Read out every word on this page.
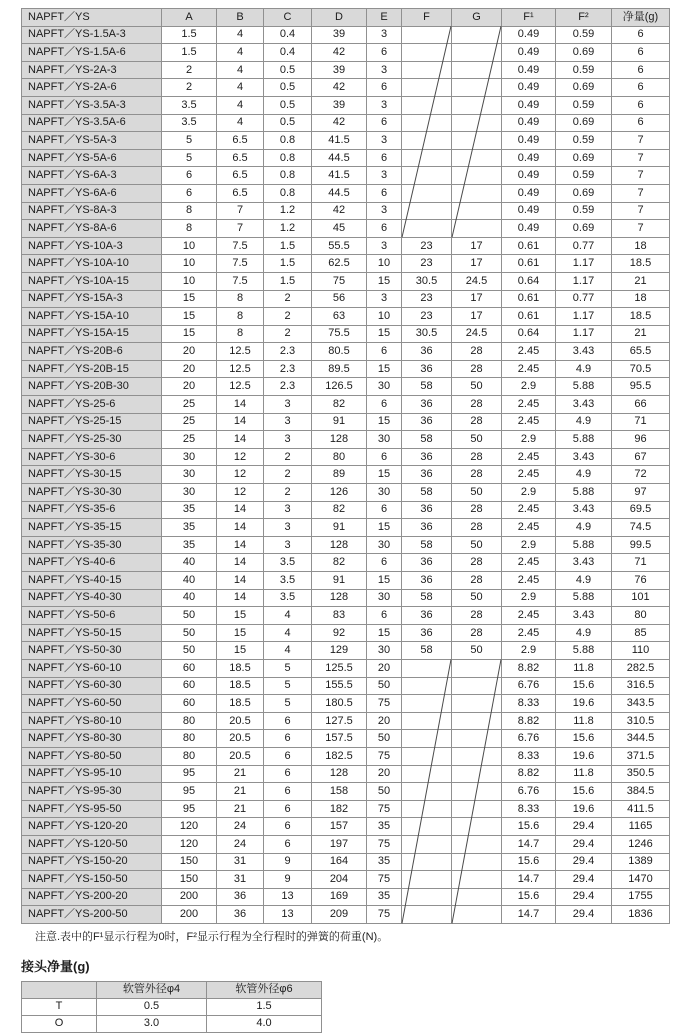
NAPFT／YS	A	B	C	D	E	F	G	F¹	F²	净量(g)
NAPFT／YS-1.5A-3	1.5	4	0.4	39	3			0.49	0.59	6
NAPFT／YS-1.5A-6	1.5	4	0.4	42	6			0.49	0.69	6
NAPFT／YS-2A-3	2	4	0.5	39	3			0.49	0.59	6
NAPFT／YS-2A-6	2	4	0.5	42	6			0.49	0.69	6
NAPFT／YS-3.5A-3	3.5	4	0.5	39	3			0.49	0.59	6
NAPFT／YS-3.5A-6	3.5	4	0.5	42	6			0.49	0.69	6
NAPFT／YS-5A-3	5	6.5	0.8	41.5	3			0.49	0.59	7
NAPFT／YS-5A-6	5	6.5	0.8	44.5	6			0.49	0.69	7
NAPFT／YS-6A-3	6	6.5	0.8	41.5	3			0.49	0.59	7
NAPFT／YS-6A-6	6	6.5	0.8	44.5	6			0.49	0.69	7
NAPFT／YS-8A-3	8	7	1.2	42	3			0.49	0.59	7
NAPFT／YS-8A-6	8	7	1.2	45	6			0.49	0.69	7
NAPFT／YS-10A-3	10	7.5	1.5	55.5	3	23	17	0.61	0.77	18
NAPFT／YS-10A-10	10	7.5	1.5	62.5	10	23	17	0.61	1.17	18.5
NAPFT／YS-10A-15	10	7.5	1.5	75	15	30.5	24.5	0.64	1.17	21
NAPFT／YS-15A-3	15	8	2	56	3	23	17	0.61	0.77	18
NAPFT／YS-15A-10	15	8	2	63	10	23	17	0.61	1.17	18.5
NAPFT／YS-15A-15	15	8	2	75.5	15	30.5	24.5	0.64	1.17	21
NAPFT／YS-20B-6	20	12.5	2.3	80.5	6	36	28	2.45	3.43	65.5
NAPFT／YS-20B-15	20	12.5	2.3	89.5	15	36	28	2.45	4.9	70.5
NAPFT／YS-20B-30	20	12.5	2.3	126.5	30	58	50	2.9	5.88	95.5
NAPFT／YS-25-6	25	14	3	82	6	36	28	2.45	3.43	66
NAPFT／YS-25-15	25	14	3	91	15	36	28	2.45	4.9	71
NAPFT／YS-25-30	25	14	3	128	30	58	50	2.9	5.88	96
NAPFT／YS-30-6	30	12	2	80	6	36	28	2.45	3.43	67
NAPFT／YS-30-15	30	12	2	89	15	36	28	2.45	4.9	72
NAPFT／YS-30-30	30	12	2	126	30	58	50	2.9	5.88	97
NAPFT／YS-35-6	35	14	3	82	6	36	28	2.45	3.43	69.5
NAPFT／YS-35-15	35	14	3	91	15	36	28	2.45	4.9	74.5
NAPFT／YS-35-30	35	14	3	128	30	58	50	2.9	5.88	99.5
NAPFT／YS-40-6	40	14	3.5	82	6	36	28	2.45	3.43	71
NAPFT／YS-40-15	40	14	3.5	91	15	36	28	2.45	4.9	76
NAPFT／YS-40-30	40	14	3.5	128	30	58	50	2.9	5.88	101
NAPFT／YS-50-6	50	15	4	83	6	36	28	2.45	3.43	80
NAPFT／YS-50-15	50	15	4	92	15	36	28	2.45	4.9	85
NAPFT／YS-50-30	50	15	4	129	30	58	50	2.9	5.88	110
NAPFT／YS-60-10	60	18.5	5	125.5	20			8.82	11.8	282.5
NAPFT／YS-60-30	60	18.5	5	155.5	50			6.76	15.6	316.5
NAPFT／YS-60-50	60	18.5	5	180.5	75			8.33	19.6	343.5
NAPFT／YS-80-10	80	20.5	6	127.5	20			8.82	11.8	310.5
NAPFT／YS-80-30	80	20.5	6	157.5	50			6.76	15.6	344.5
NAPFT／YS-80-50	80	20.5	6	182.5	75			8.33	19.6	371.5
NAPFT／YS-95-10	95	21	6	128	20			8.82	11.8	350.5
NAPFT／YS-95-30	95	21	6	158	50			6.76	15.6	384.5
NAPFT／YS-95-50	95	21	6	182	75			8.33	19.6	411.5
NAPFT／YS-120-20	120	24	6	157	35			15.6	29.4	1165
NAPFT／YS-120-50	120	24	6	197	75			14.7	29.4	1246
NAPFT／YS-150-20	150	31	9	164	35			15.6	29.4	1389
NAPFT／YS-150-50	150	31	9	204	75			14.7	29.4	1470
NAPFT／YS-200-20	200	36	13	169	35			15.6	29.4	1755
NAPFT／YS-200-50	200	36	13	209	75			14.7	29.4	1836
注意.表中的F¹显示行程为0时，F²显示行程为全行程时的弹簧的荷重(N)。
接头净量(g)
	软管外径φ4	软管外径φ6
T	0.5	1.5
O	3.0	4.0
